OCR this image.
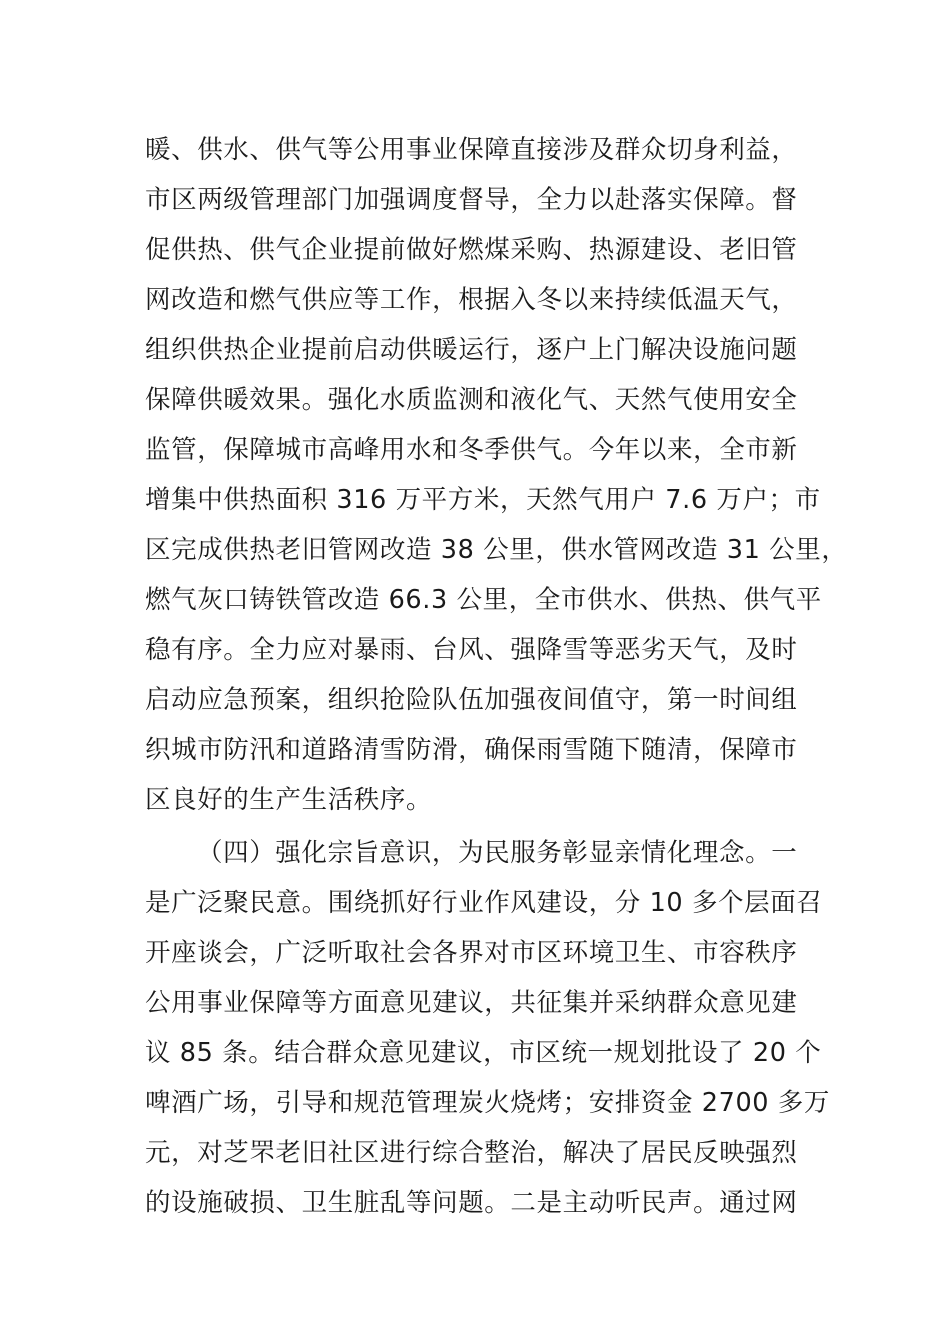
暖、供水、供气等公用事业保障直接涉及群众切身利益，
市区两级管理部门加强调度督导，全力以赴落实保障。督
促供热、供气企业提前做好燃煤采购、热源建设、老旧管
网改造和燃气供应等工作，根据入冬以来持续低温天气，
组织供热企业提前启动供暖运行，逐户上门解决设施问题
保障供暖效果。强化水质监测和液化气、天然气使用安全
监管，保障城市高峰用水和冬季供气。今年以来，全市新
增集中供热面积 316 万平方米，天然气用户 7.6 万户；市
区完成供热老旧管网改造 38 公里，供水管网改造 31 公里，
燃气灰口铸铁管改造 66.3 公里，全市供水、供热、供气平
稳有序。全力应对暴雨、台风、强降雪等恶劣天气，及时
启动应急预案，组织抢险队伍加强夜间值守，第一时间组
织城市防汛和道路清雪防滑，确保雨雪随下随清，保障市
区良好的生产生活秩序。
（四）强化宗旨意识，为民服务彰显亲情化理念。一
是广泛聚民意。围绕抓好行业作风建设，分 10 多个层面召
开座谈会，广泛听取社会各界对市区环境卫生、市容秩序
公用事业保障等方面意见建议，共征集并采纳群众意见建
议 85 条。结合群众意见建议，市区统一规划批设了 20 个
啤酒广场，引导和规范管理炭火烧烤；安排资金 2700 多万
元，对芝罘老旧社区进行综合整治，解决了居民反映强烈
的设施破损、卫生脏乱等问题。二是主动听民声。通过网
